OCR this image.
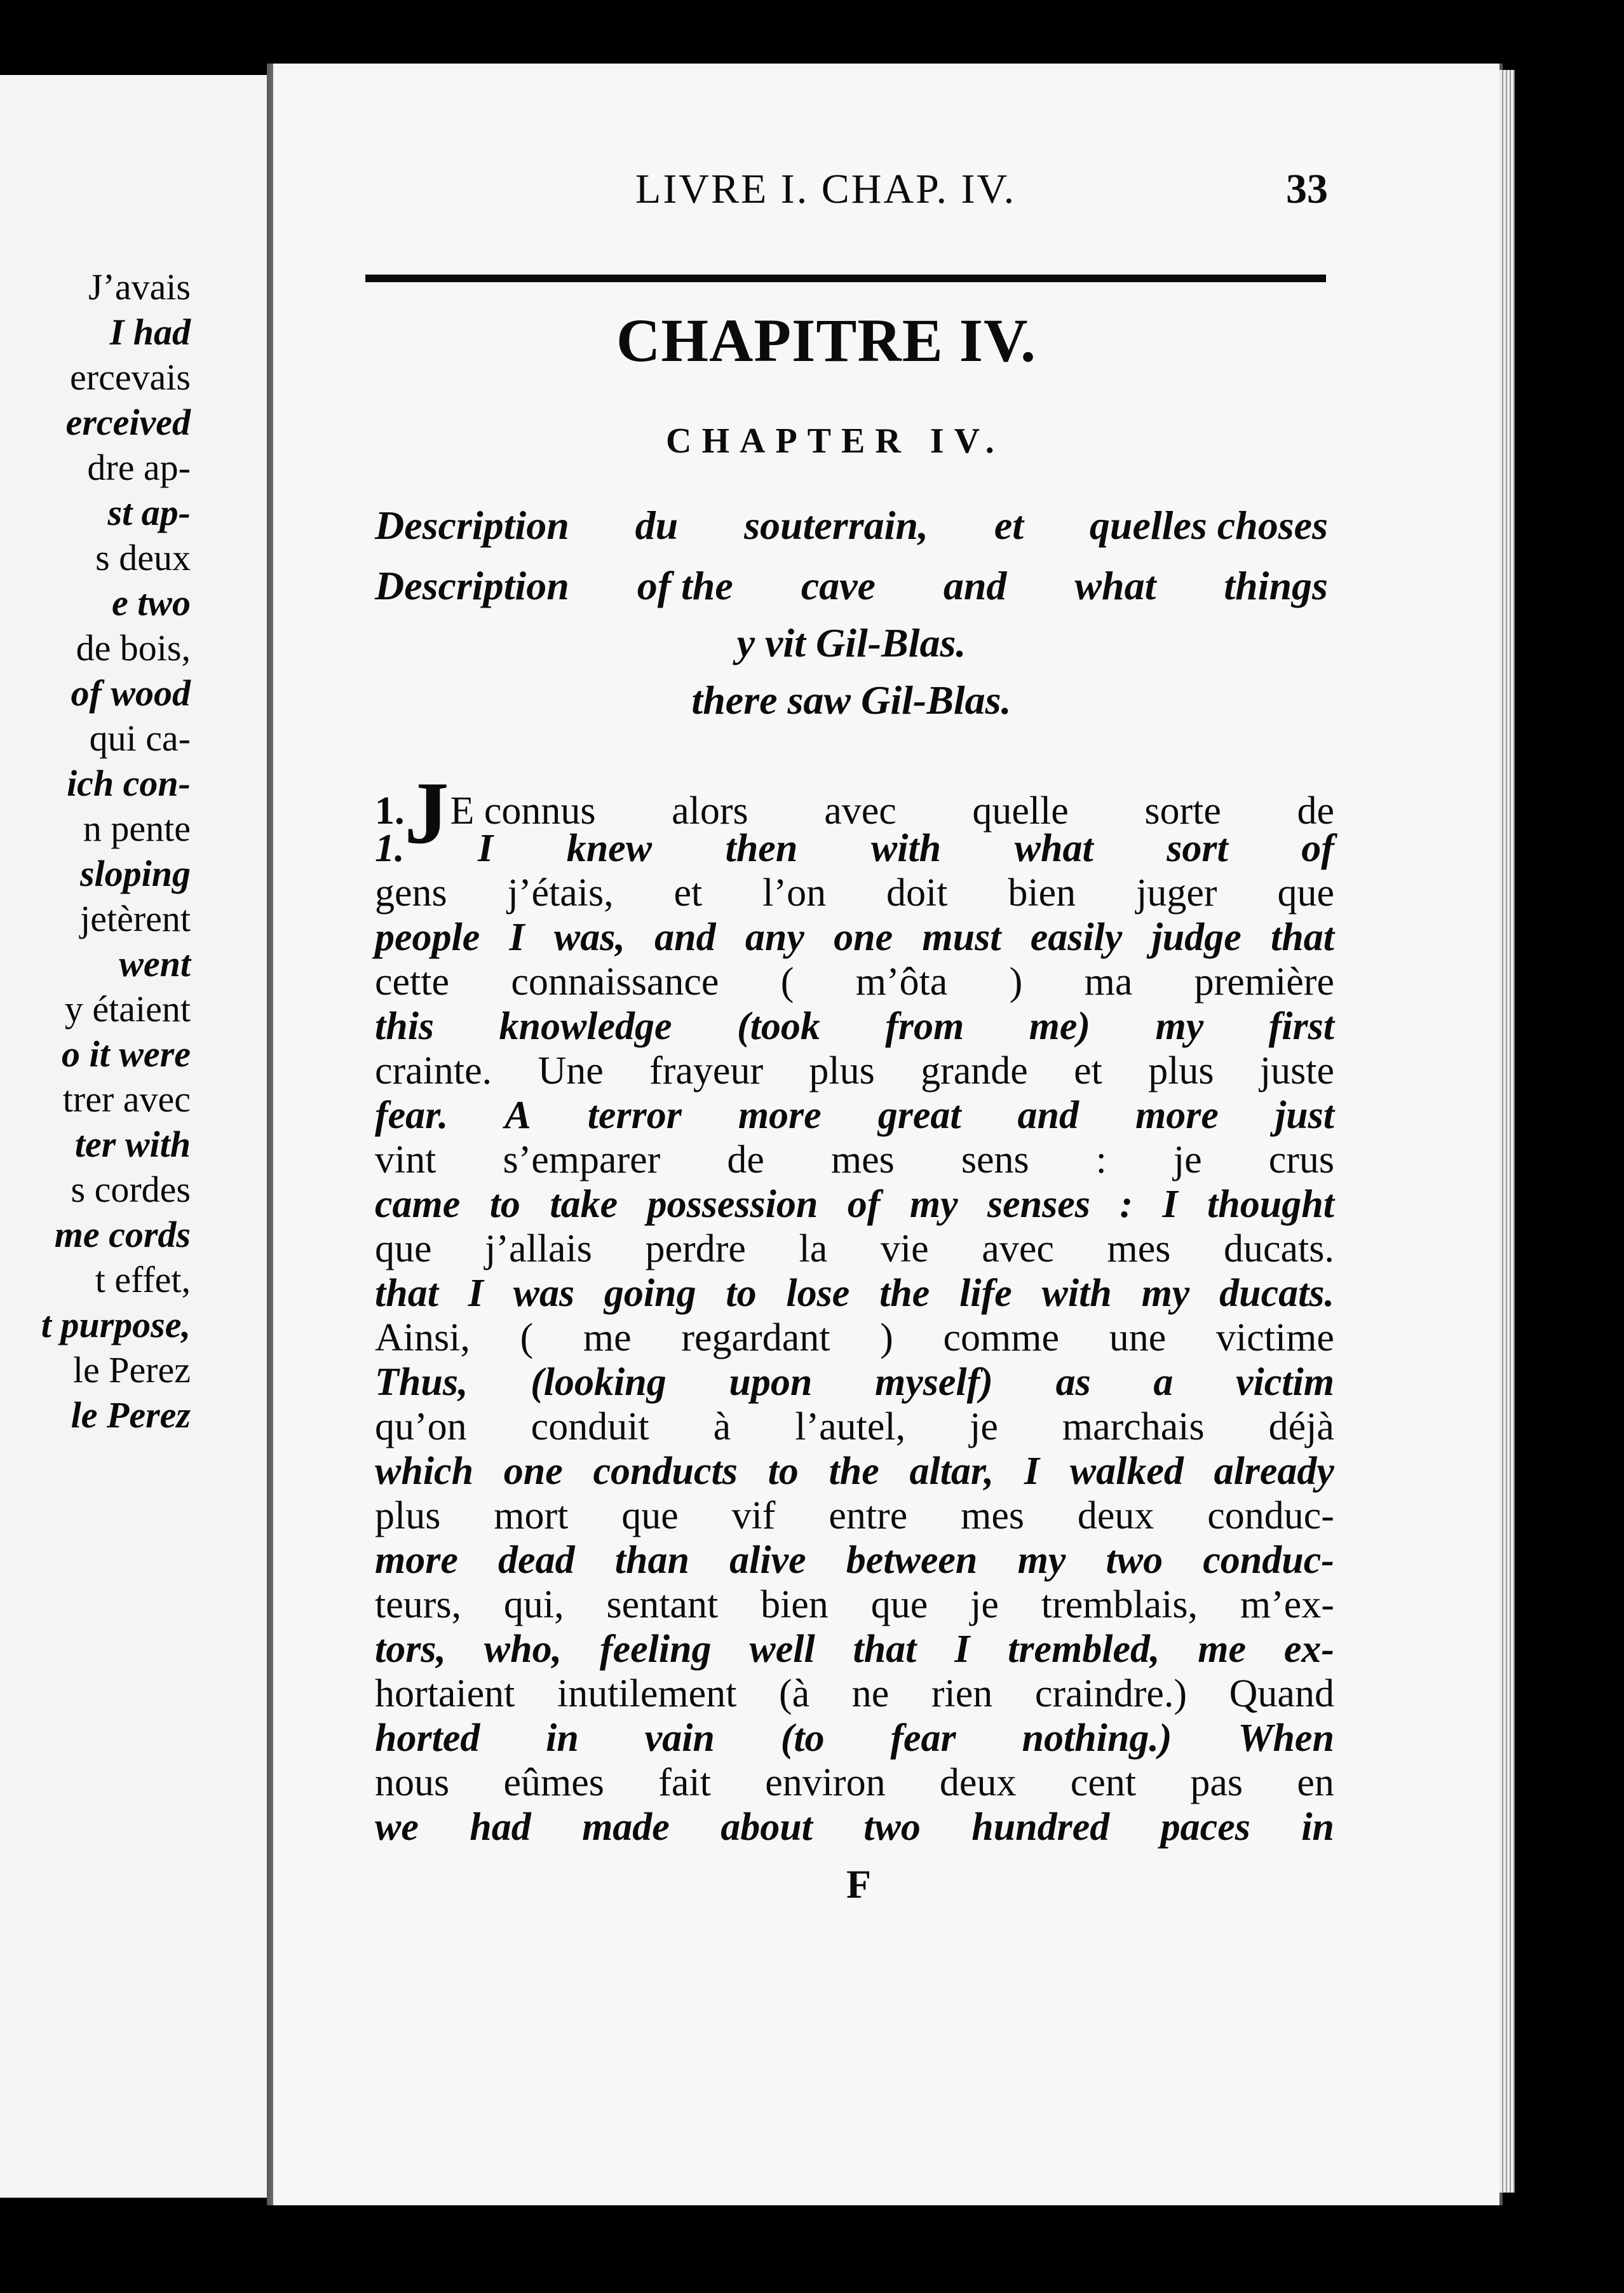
J’avais
I had
ercevais
erceived
dre ap-
st ap-
s deux
e two
de bois,
of wood
qui ca-
ich con-
n pente
sloping
jetèrent
went
y étaient
o it were
trer avec
ter with
s cordes
me cords
t effet,
t purpose,
le Perez
le Perez
LIVRE I. CHAP. IV.	33
CHAPITRE IV.
CHAPTER IV.
Description du souterrain, et quelles choses
Description of the cave and what things
y vit Gil-Blas.
there saw Gil-Blas.
1.JE connus alors avec quelle sorte de
1. I knew then with what sort of
gens j’étais, et l’on doit bien juger que
people I was, and any one must easily judge that
cette connaissance ( m’ôta ) ma première
this knowledge (took from me) my first
crainte. Une frayeur plus grande et plus juste
fear. A terror more great and more just
vint s’emparer de mes sens : je crus
came to take possession of my senses : I thought
que j’allais perdre la vie avec mes ducats.
that I was going to lose the life with my ducats.
Ainsi, ( me regardant ) comme une victime
Thus, (looking upon myself) as a victim
qu’on conduit à l’autel, je marchais déjà
which one conducts to the altar, I walked already
plus mort que vif entre mes deux conduc-
more dead than alive between my two conduc-
teurs, qui, sentant bien que je tremblais, m’ex-
tors, who, feeling well that I trembled, me ex-
hortaient inutilement (à ne rien craindre.) Quand
horted in vain (to fear nothing.) When
nous eûmes fait environ deux cent pas en
we had made about two hundred paces in
F
